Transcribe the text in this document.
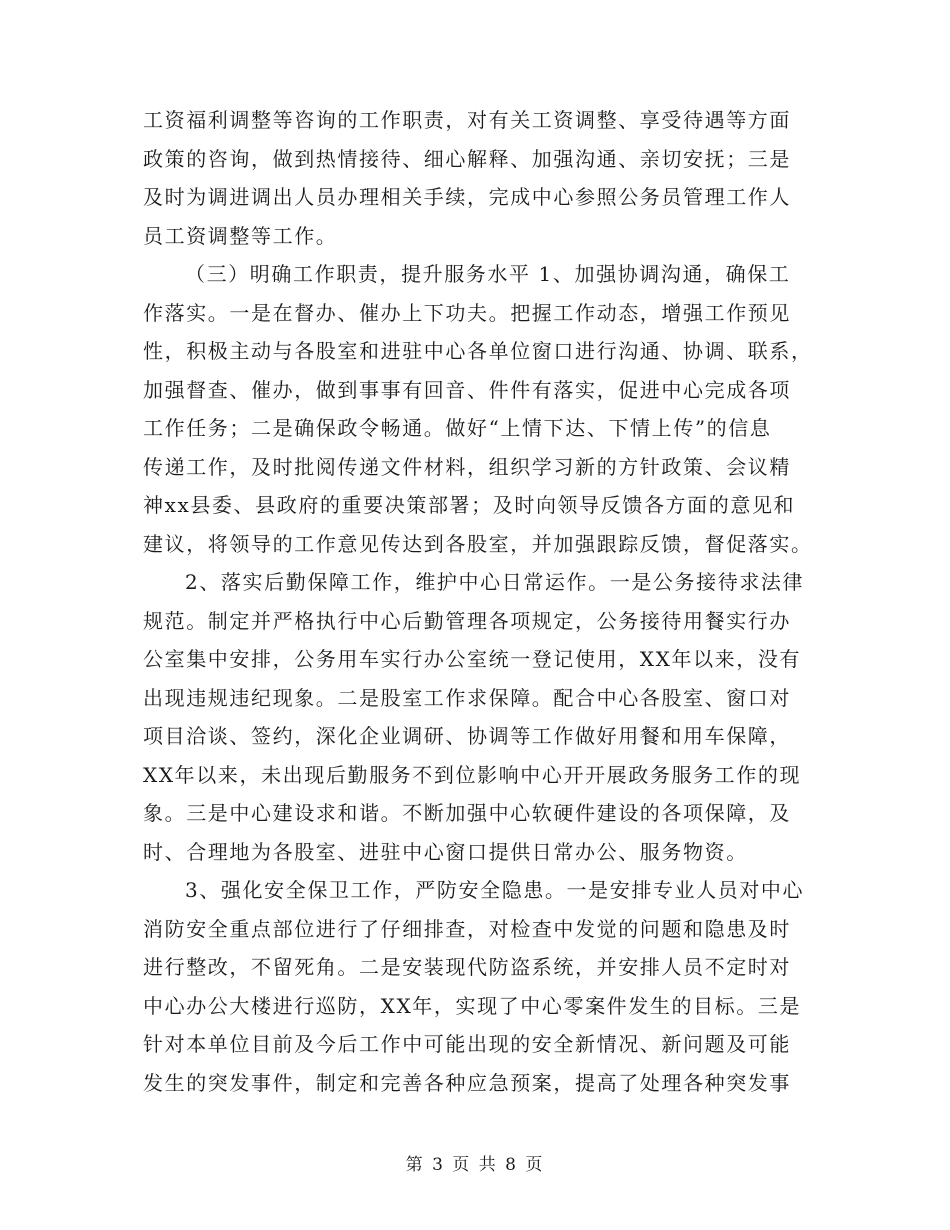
工资福利调整等咨询的工作职责，对有关工资调整、享受待遇等方面
政策的咨询，做到热情接待、细心解释、加强沟通、亲切安抚；三是
及时为调进调出人员办理相关手续，完成中心参照公务员管理工作人
员工资调整等工作。
（三）明确工作职责，提升服务水平 1、加强协调沟通，确保工
作落实。一是在督办、催办上下功夫。把握工作动态，增强工作预见
性，积极主动与各股室和进驻中心各单位窗口进行沟通、协调、联系，
加强督查、催办，做到事事有回音、件件有落实，促进中心完成各项
工作任务；二是确保政令畅通。做好“上情下达、下情上传”的信息
传递工作，及时批阅传递文件材料，组织学习新的方针政策、会议精
神xx县委、县政府的重要决策部署；及时向领导反馈各方面的意见和
建议，将领导的工作意见传达到各股室，并加强跟踪反馈，督促落实。
2、落实后勤保障工作，维护中心日常运作。一是公务接待求法律
规范。制定并严格执行中心后勤管理各项规定，公务接待用餐实行办
公室集中安排，公务用车实行办公室统一登记使用，XX年以来，没有
出现违规违纪现象。二是股室工作求保障。配合中心各股室、窗口对
项目洽谈、签约，深化企业调研、协调等工作做好用餐和用车保障，
XX年以来，未出现后勤服务不到位影响中心开开展政务服务工作的现
象。三是中心建设求和谐。不断加强中心软硬件建设的各项保障，及
时、合理地为各股室、进驻中心窗口提供日常办公、服务物资。
3、强化安全保卫工作，严防安全隐患。一是安排专业人员对中心
消防安全重点部位进行了仔细排查，对检查中发觉的问题和隐患及时
进行整改，不留死角。二是安装现代防盗系统，并安排人员不定时对
中心办公大楼进行巡防，XX年，实现了中心零案件发生的目标。三是
针对本单位目前及今后工作中可能出现的安全新情况、新问题及可能
发生的突发事件，制定和完善各种应急预案，提高了处理各种突发事
第 3 页 共 8 页
